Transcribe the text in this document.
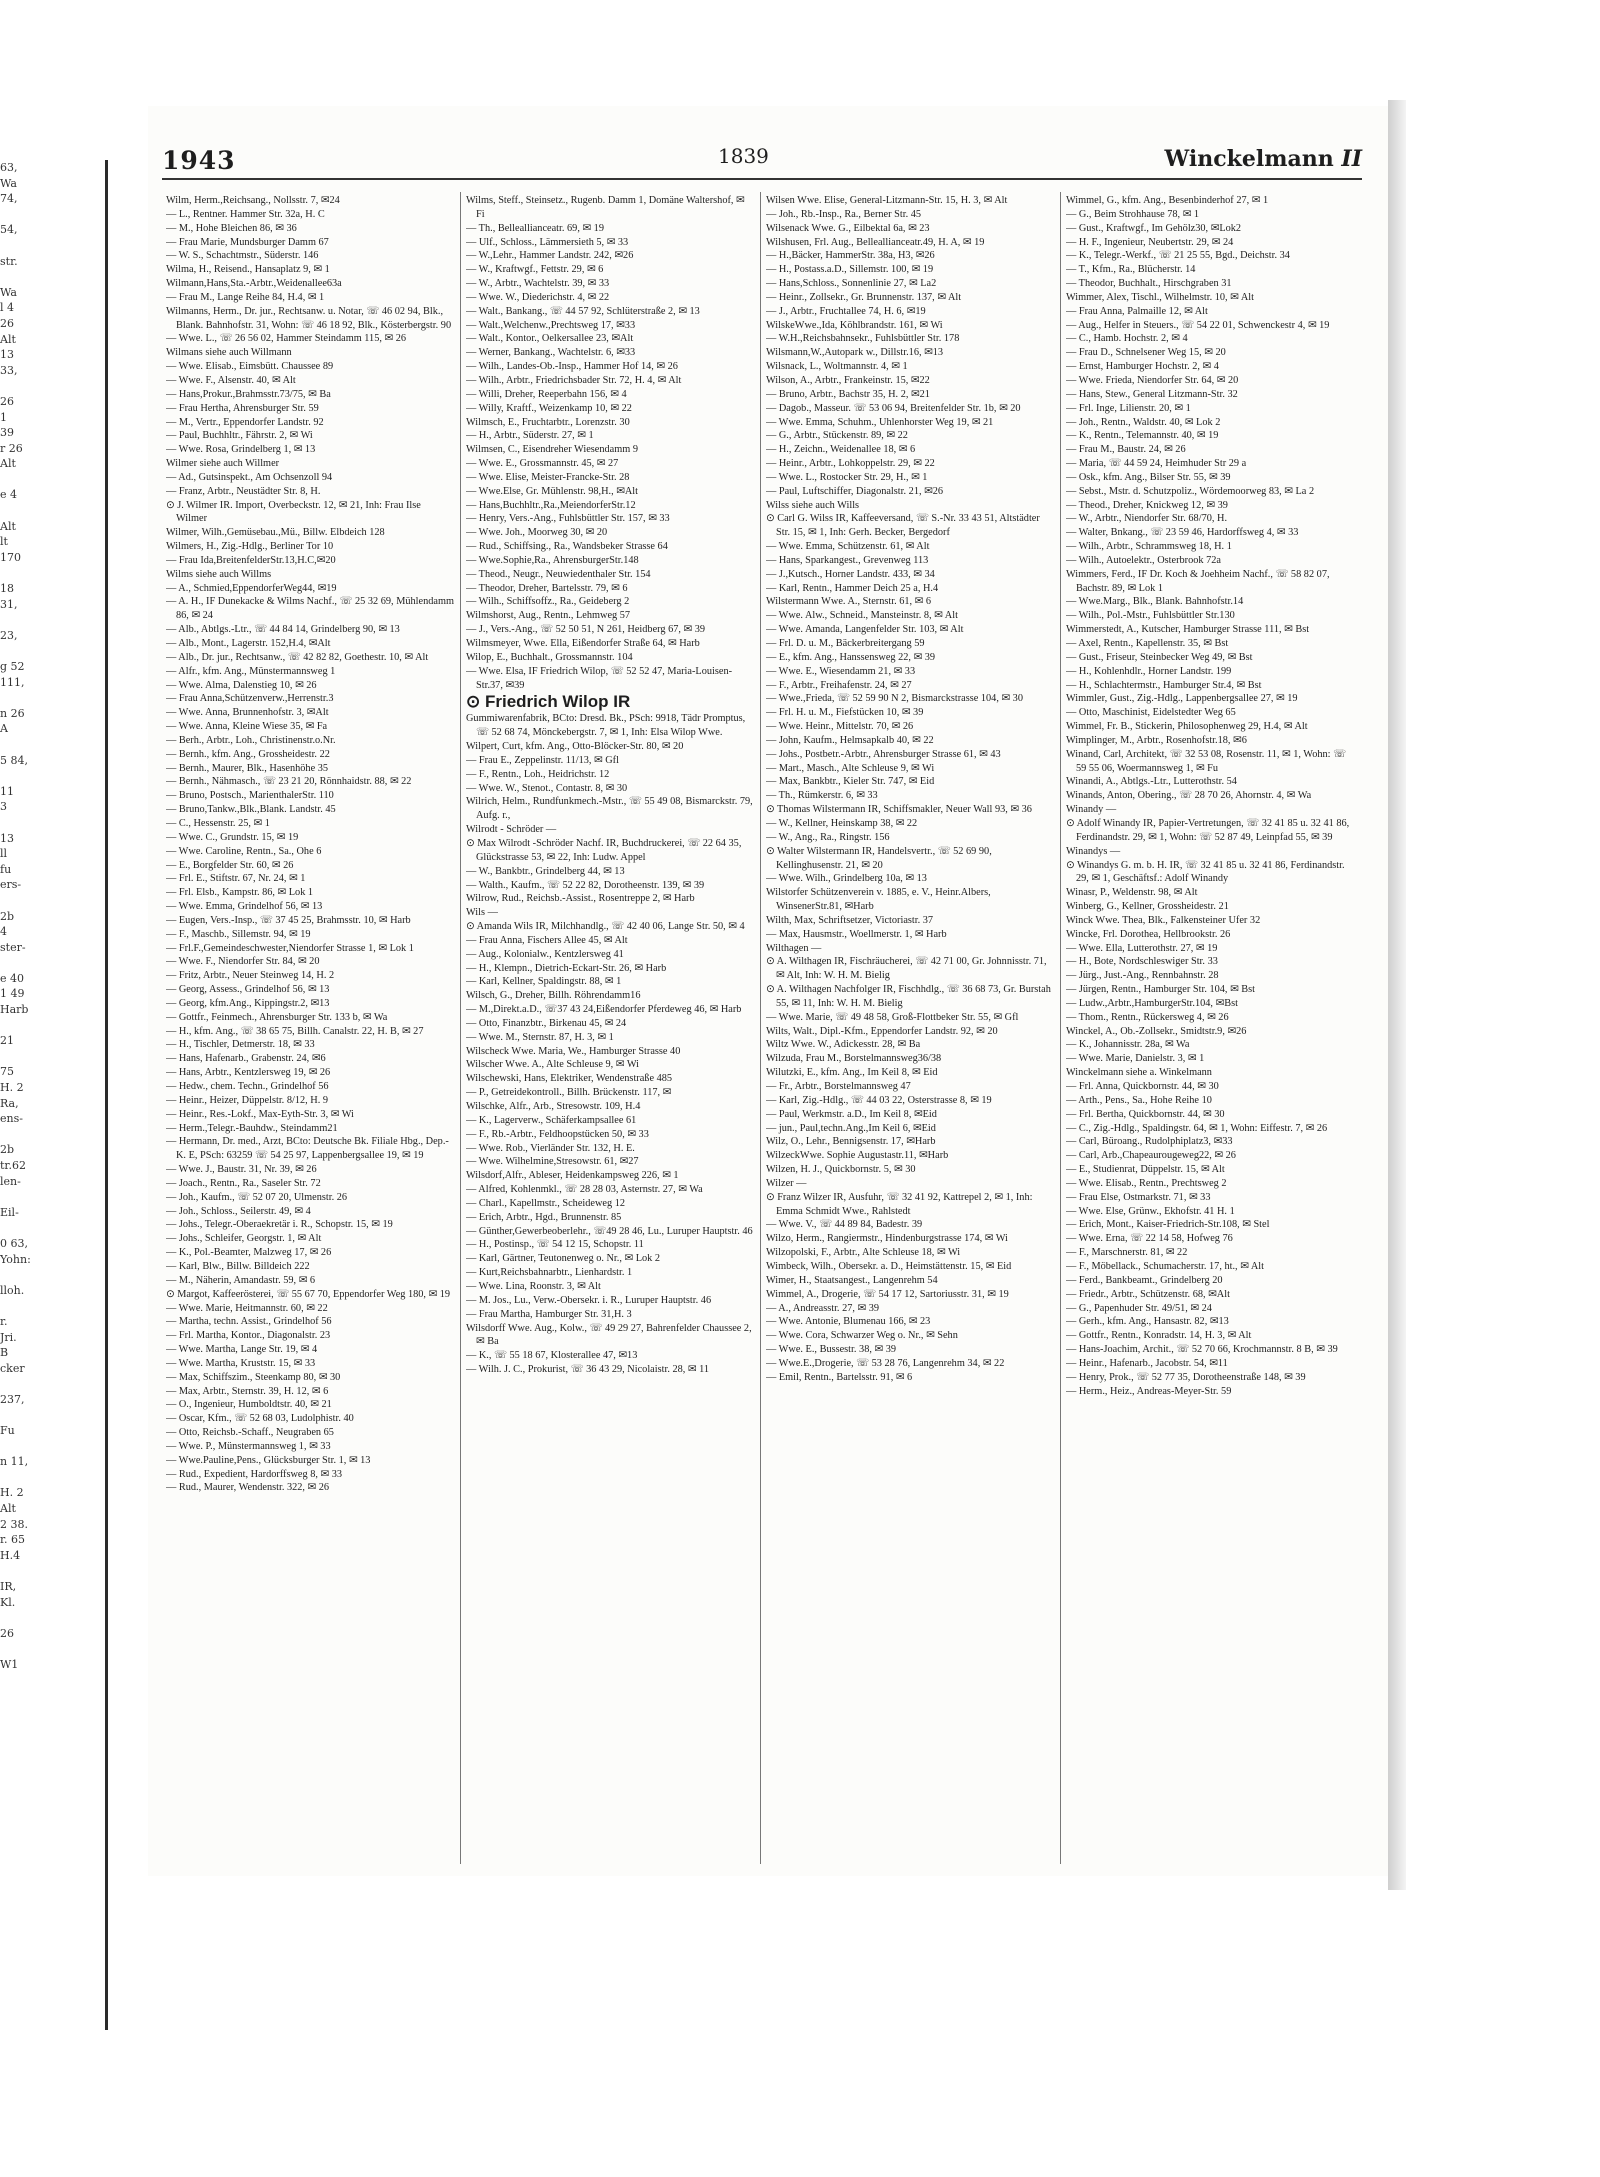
63,
Wa
74,

54,

str.

Wa
l 4
26
Alt
13
33,

26
1
39
r 26
Alt

e 4

Alt
lt
170

18
31,

23,

g 52
111,

n 26
A

5 84,

11
3

13
ll
fu
ers-

2b
4
ster-

e 40
1 49
Harb

21

75
H. 2
Ra,
ens-

2b
tr.62
len-

Eil-

0 63,
Yohn:

lloh.

r.
Jri.
B
cker

237,

Fu

n 11,

H. 2
Alt
2 38.
r. 65
H.4

IR,
Kl.

26

W1
1943	1839	Winckelmann II

Wilm, Herm.,Reichsang., Nollsstr. 7, ✉24

— L., Rentner. Hammer Str. 32a, H. C

— M., Hohe Bleichen 86, ✉ 36

— Frau Marie, Mundsburger Damm 67

— W. S., Schachtmstr., Süderstr. 146

Wilma, H., Reisend., Hansaplatz 9, ✉ 1

Wilmann,Hans,Sta.-Arbtr.,Weidenallee63a

— Frau M., Lange Reihe 84, H.4, ✉ 1

Wilmanns, Herm., Dr. jur., Rechtsanw. u. Notar, ☏ 46 02 94, Blk., Blank. Bahnhofstr. 31, Wohn: ☏ 46 18 92, Blk., Kösterbergstr. 90

— Wwe. L., ☏ 26 56 02, Hammer Steindamm 115, ✉ 26

Wilmans siehe auch Willmann

— Wwe. Elisab., Eimsbütt. Chaussee 89

— Wwe. F., Alsenstr. 40, ✉ Alt

— Hans,Prokur.,Brahmsstr.73/75, ✉ Ba

— Frau Hertha, Ahrensburger Str. 59

— M., Vertr., Eppendorfer Landstr. 92

— Paul, Buchhltr., Fährstr. 2, ✉ Wi

— Wwe. Rosa, Grindelberg 1, ✉ 13

Wilmer siehe auch Willmer

— Ad., Gutsinspekt., Am Ochsenzoll 94

— Franz, Arbtr., Neustädter Str. 8, H.

⊙ J. Wilmer IR. Import, Overbeckstr. 12, ✉ 21, Inh: Frau Ilse Wilmer

Wilmer, Wilh.,Gemüsebau.,Mü., Billw. Elbdeich 128

Wilmers, H., Zig.-Hdlg., Berliner Tor 10

— Frau Ida,BreitenfelderStr.13,H.C,✉20

Wilms siehe auch Willms

— A., Schmied,EppendorferWeg44, ✉19

— A. H., IF Dunekacke & Wilms Nachf., ☏ 25 32 69, Mühlendamm 86, ✉ 24

— Alb., Abtlgs.-Ltr., ☏ 44 84 14, Grindelberg 90, ✉ 13

— Alb., Mont., Lagerstr. 152,H.4, ✉Alt

— Alb., Dr. jur., Rechtsanw., ☏ 42 82 82, Goethestr. 10, ✉ Alt

— Alfr., kfm. Ang., Münstermannsweg 1

— Wwe. Alma, Dalenstieg 10, ✉ 26

— Frau Anna,Schützenverw.,Herrenstr.3

— Wwe. Anna, Brunnenhofstr. 3, ✉Alt

— Wwe. Anna, Kleine Wiese 35, ✉ Fa

— Berh., Arbtr., Loh., Christinenstr.o.Nr.

— Bernh., kfm. Ang., Grossheidestr. 22

— Bernh., Maurer, Blk., Hasenhöhe 35

— Bernh., Nähmasch., ☏ 23 21 20, Rönnhaidstr. 88, ✉ 22

— Bruno, Postsch., MarienthalerStr. 110

— Bruno,Tankw.,Blk.,Blank. Landstr. 45

— C., Hessenstr. 25, ✉ 1

— Wwe. C., Grundstr. 15, ✉ 19

— Wwe. Caroline, Rentn., Sa., Ohe 6

— E., Borgfelder Str. 60, ✉ 26

— Frl. E., Stiftstr. 67, Nr. 24, ✉ 1

— Frl. Elsb., Kampstr. 86, ✉ Lok 1

— Wwe. Emma, Grindelhof 56, ✉ 13

— Eugen, Vers.-Insp., ☏ 37 45 25, Brahmsstr. 10, ✉ Harb

— F., Maschb., Sillemstr. 94, ✉ 19

— Frl.F.,Gemeindeschwester,Niendorfer Strasse 1, ✉ Lok 1

— Wwe. F., Niendorfer Str. 84, ✉ 20

— Fritz, Arbtr., Neuer Steinweg 14, H. 2

— Georg, Assess., Grindelhof 56, ✉ 13

— Georg, kfm.Ang., Kippingstr.2, ✉13

— Gottfr., Feinmech., Ahrensburger Str. 133 b, ✉ Wa

— H., kfm. Ang., ☏ 38 65 75, Billh. Canalstr. 22, H. B, ✉ 27

— H., Tischler, Detmerstr. 18, ✉ 33

— Hans, Hafenarb., Grabenstr. 24, ✉6

— Hans, Arbtr., Kentzlersweg 19, ✉ 26

— Hedw., chem. Techn., Grindelhof 56

— Heinr., Heizer, Düppelstr. 8/12, H. 9

— Heinr., Res.-Lokf., Max-Eyth-Str. 3, ✉ Wi

— Herm.,Telegr.-Bauhdw., Steindamm21

— Hermann, Dr. med., Arzt, BCto: Deutsche Bk. Filiale Hbg., Dep.-K. E, PSch: 63259 ☏ 54 25 97, Lappenbergsallee 19, ✉ 19

— Wwe. J., Baustr. 31, Nr. 39, ✉ 26

— Joach., Rentn., Ra., Saseler Str. 72

— Joh., Kaufm., ☏ 52 07 20, Ulmenstr. 26

— Joh., Schloss., Seilerstr. 49, ✉ 4

— Johs., Telegr.-Oberaekretär i. R., Schopstr. 15, ✉ 19

— Johs., Schleifer, Georgstr. 1, ✉ Alt

— K., Pol.-Beamter, Malzweg 17, ✉ 26

— Karl, Blw., Billw. Billdeich 222

— M., Näherin, Amandastr. 59, ✉ 6

⊙ Margot, Kaffeerösterei, ☏ 55 67 70, Eppendorfer Weg 180, ✉ 19

— Wwe. Marie, Heitmannstr. 60, ✉ 22

— Martha, techn. Assist., Grindelhof 56

— Frl. Martha, Kontor., Diagonalstr. 23

— Wwe. Martha, Lange Str. 19, ✉ 4

— Wwe. Martha, Kruststr. 15, ✉ 33

— Max, Schiffszim., Steenkamp 80, ✉ 30

— Max, Arbtr., Sternstr. 39, H. 12, ✉ 6

— O., Ingenieur, Humboldtstr. 40, ✉ 21

— Oscar, Kfm., ☏ 52 68 03, Ludolphistr. 40

— Otto, Reichsb.-Schaff., Neugraben 65

— Wwe. P., Münstermannsweg 1, ✉ 33

— Wwe.Pauline,Pens., Glücksburger Str. 1, ✉ 13

— Rud., Expedient, Hardorffsweg 8, ✉ 33

— Rud., Maurer, Wendenstr. 322, ✉ 26

Wilms, Steff., Steinsetz., Rugenb. Damm 1, Domäne Waltershof, ✉ Fi

— Th., Belleallianceatr. 69, ✉ 19

— Ulf., Schloss., Lämmersieth 5, ✉ 33

— W.,Lehr., Hammer Landstr. 242, ✉26

— W., Kraftwgf., Fettstr. 29, ✉ 6

— W., Arbtr., Wachtelstr. 39, ✉ 33

— Wwe. W., Diederichstr. 4, ✉ 22

— Walt., Bankang., ☏ 44 57 92, Schlüterstraße 2, ✉ 13

— Walt.,Welchenw.,Prechtsweg 17, ✉33

— Walt., Kontor., Oelkersallee 23, ✉Alt

— Werner, Bankang., Wachtelstr. 6, ✉33

— Wilh., Landes-Ob.-Insp., Hammer Hof 14, ✉ 26

— Wilh., Arbtr., Friedrichsbader Str. 72, H. 4, ✉ Alt

— Willi, Dreher, Reeperbahn 156, ✉ 4

— Willy, Kraftf., Weizenkamp 10, ✉ 22

Wilmsch, E., Fruchtarbtr., Lorenzstr. 30

— H., Arbtr., Süderstr. 27, ✉ 1

Wilmsen, C., Eisendreher Wiesendamm 9

— Wwe. E., Grossmannstr. 45, ✉ 27

— Wwe. Elise, Meister-Francke-Str. 28

— Wwe.Else, Gr. Mühlenstr. 98,H., ✉Alt

— Hans,Buchhltr.,Ra.,MeiendorferStr.12

— Henry, Vers.-Ang., Fuhlsbüttler Str. 157, ✉ 33

— Wwe. Joh., Moorweg 30, ✉ 20

— Rud., Schiffsing., Ra., Wandsbeker Strasse 64

— Wwe.Sophie,Ra., AhrensburgerStr.148

— Theod., Neugr., Neuwiedenthaler Str. 154

— Theodor, Dreher, Bartelsstr. 79, ✉ 6

— Wilh., Schiffsoffz., Ra., Geideberg 2

Wilmshorst, Aug., Rentn., Lehmweg 57

— J., Vers.-Ang., ☏ 52 50 51, N 261, Heidberg 67, ✉ 39

Wilmsmeyer, Wwe. Ella, Eißendorfer Straße 64, ✉ Harb

Wilop, E., Buchhalt., Grossmannstr. 104

— Wwe. Elsa, IF Friedrich Wilop, ☏ 52 52 47, Maria-Louisen-Str.37, ✉39

⊙ Friedrich Wilop IR

Gummiwarenfabrik, BCto: Dresd. Bk., PSch: 9918, Tädr Promptus, ☏ 52 68 74, Mönckebergstr. 7, ✉ 1, Inh: Elsa Wilop Wwe.

Wilpert, Curt, kfm. Ang., Otto-Blöcker-Str. 80, ✉ 20

— Frau E., Zeppelinstr. 11/13, ✉ Gfl

— F., Rentn., Loh., Heidrichstr. 12

— Wwe. W., Stenot., Contastr. 8, ✉ 30

Wilrich, Helm., Rundfunkmech.-Mstr., ☏ 55 49 08, Bismarckstr. 79, Aufg. r.,

Wilrodt - Schröder —

⊙ Max Wilrodt -Schröder Nachf. IR, Buchdruckerei, ☏ 22 64 35, Glückstrasse 53, ✉ 22, Inh: Ludw. Appel

— W., Bankbtr., Grindelberg 44, ✉ 13

— Walth., Kaufm., ☏ 52 22 82, Dorotheenstr. 139, ✉ 39

Wilrow, Rud., Reichsb.-Assist., Rosentreppe 2, ✉ Harb

Wils —

⊙ Amanda Wils IR, Milchhandlg., ☏ 42 40 06, Lange Str. 50, ✉ 4

— Frau Anna, Fischers Allee 45, ✉ Alt

— Aug., Kolonialw., Kentzlersweg 41

— H., Klempn., Dietrich-Eckart-Str. 26, ✉ Harb

— Karl, Kellner, Spaldingstr. 88, ✉ 1

Wilsch, G., Dreher, Billh. Röhrendamm16

— M.,Direkt.a.D., ☏37 43 24,Eißendorfer Pferdeweg 46, ✉ Harb

— Otto, Finanzbtr., Birkenau 45, ✉ 24

— Wwe. M., Sternstr. 87, H. 3, ✉ 1

Wilscheck Wwe. Maria, We., Hamburger Strasse 40

Wilscher Wwe. A., Alte Schleuse 9, ✉ Wi

Wilschewski, Hans, Elektriker, Wendenstraße 485

— P., Getreidekontroll., Billh. Brückenstr. 117, ✉

Wilschke, Alfr., Arb., Stresowstr. 109, H.4

— K., Lagerverw., Schäferkampsallee 61

— F., Rb.-Arbtr., Feldhoopstücken 50, ✉ 33

— Wwe. Rob., Vierländer Str. 132, H. E.

— Wwe. Wilhelmine,Stresowstr. 61, ✉27

Wilsdorf,Alfr., Ableser, Heidenkampsweg 226, ✉ 1

— Alfred, Kohlenmkl., ☏ 28 28 03, Asternstr. 27, ✉ Wa

— Charl., Kapellmstr., Scheideweg 12

— Erich, Arbtr., Hgd., Brunnenstr. 85

— Günther,Gewerbeoberlehr., ☏49 28 46, Lu., Luruper Hauptstr. 46

— H., Postinsp., ☏ 54 12 15, Schopstr. 11

— Karl, Gärtner, Teutonenweg o. Nr., ✉ Lok 2

— Kurt,Reichsbahnarbtr., Lienhardstr. 1

— Wwe. Lina, Roonstr. 3, ✉ Alt

— M. Jos., Lu., Verw.-Obersekr. i. R., Luruper Hauptstr. 46

— Frau Martha, Hamburger Str. 31,H. 3

Wilsdorff Wwe. Aug., Kolw., ☏ 49 29 27, Bahrenfelder Chaussee 2, ✉ Ba

— K., ☏ 55 18 67, Klosterallee 47, ✉13

— Wilh. J. C., Prokurist, ☏ 36 43 29, Nicolaistr. 28, ✉ 11

Wilsen Wwe. Elise, General-Litzmann-Str. 15, H. 3, ✉ Alt

— Joh., Rb.-Insp., Ra., Berner Str. 45

Wilsenack Wwe. G., Eilbektal 6a, ✉ 23

Wilshusen, Frl. Aug., Belleallianceatr.49, H. A, ✉ 19

— H.,Bäcker, HammerStr. 38a, H3, ✉26

— H., Postass.a.D., Sillemstr. 100, ✉ 19

— Hans,Schloss., Sonnenlinie 27, ✉ La2

— Heinr., Zollsekr., Gr. Brunnenstr. 137, ✉ Alt

— J., Arbtr., Fruchtallee 74, H. 6, ✉19

WilskeWwe.,Ida, Köhlbrandstr. 161, ✉ Wi

— W.H.,Reichsbahnsekr., Fuhlsbüttler Str. 178

Wilsmann,W.,Autopark w., Dillstr.16, ✉13

Wilsnack, L., Woltmannstr. 4, ✉ 1

Wilson, A., Arbtr., Frankeinstr. 15, ✉22

— Bruno, Arbtr., Bachstr 35, H. 2, ✉21

— Dagob., Masseur. ☏ 53 06 94, Breitenfelder Str. 1b, ✉ 20

— Wwe. Emma, Schuhm., Uhlenhorster Weg 19, ✉ 21

— G., Arbtr., Stückenstr. 89, ✉ 22

— H., Zeichn., Weidenallee 18, ✉ 6

— Heinr., Arbtr., Lohkoppelstr. 29, ✉ 22

— Wwe. L., Rostocker Str. 29, H., ✉ 1

— Paul, Luftschiffer, Diagonalstr. 21, ✉26

Wilss siehe auch Wills

⊙ Carl G. Wilss IR, Kaffeeversand, ☏ S.-Nr. 33 43 51, Altstädter Str. 15, ✉ 1, Inh: Gerh. Becker, Bergedorf

— Wwe. Emma, Schützenstr. 61, ✉ Alt

— Hans, Sparkangest., Grevenweg 113

— J.,Kutsch., Horner Landstr. 433, ✉ 34

— Karl, Rentn., Hammer Deich 25 a, H.4

Wilstermann Wwe. A., Sternstr. 61, ✉ 6

— Wwe. Alw., Schneid., Mansteinstr. 8, ✉ Alt

— Wwe. Amanda, Langenfelder Str. 103, ✉ Alt

— Frl. D. u. M., Bäckerbreitergang 59

— E., kfm. Ang., Hanssensweg 22, ✉ 39

— Wwe. E., Wiesendamm 21, ✉ 33

— F., Arbtr., Freihafenstr. 24, ✉ 27

— Wwe.,Frieda, ☏ 52 59 90 N 2, Bismarckstrasse 104, ✉ 30

— Frl. H. u. M., Fiefstücken 10, ✉ 39

— Wwe. Heinr., Mittelstr. 70, ✉ 26

— John, Kaufm., Helmsapkalb 40, ✉ 22

— Johs., Postbetr.-Arbtr., Ahrensburger Strasse 61, ✉ 43

— Mart., Masch., Alte Schleuse 9, ✉ Wi

— Max, Bankbtr., Kieler Str. 747, ✉ Eid

— Th., Rümkerstr. 6, ✉ 33

⊙ Thomas Wilstermann IR, Schiffsmakler, Neuer Wall 93, ✉ 36

— W., Kellner, Heinskamp 38, ✉ 22

— W., Ang., Ra., Ringstr. 156

⊙ Walter Wilstermann IR, Handelsvertr., ☏ 52 69 90, Kellinghusenstr. 21, ✉ 20

— Wwe. Wilh., Grindelberg 10a, ✉ 13

Wilstorfer Schützenverein v. 1885, e. V., Heinr.Albers, WinsenerStr.81, ✉Harb

Wilth, Max, Schriftsetzer, Victoriastr. 37

— Max, Hausmstr., Woellmerstr. 1, ✉ Harb

Wilthagen —

⊙ A. Wilthagen IR, Fischräucherei, ☏ 42 71 00, Gr. Johnnisstr. 71, ✉ Alt, Inh: W. H. M. Bielig

⊙ A. Wilthagen Nachfolger IR, Fischhdlg., ☏ 36 68 73, Gr. Burstah 55, ✉ 11, Inh: W. H. M. Bielig

— Wwe. Marie, ☏ 49 48 58, Groß-Flottbeker Str. 55, ✉ Gfl

Wilts, Walt., Dipl.-Kfm., Eppendorfer Landstr. 92, ✉ 20

Wiltz Wwe. W., Adickesstr. 28, ✉ Ba

Wilzuda, Frau M., Borstelmannsweg36/38

Wilutzki, E., kfm. Ang., Im Keil 8, ✉ Eid

— Fr., Arbtr., Borstelmannsweg 47

— Karl, Zig.-Hdlg., ☏ 44 03 22, Osterstrasse 8, ✉ 19

— Paul, Werkmstr. a.D., Im Keil 8, ✉Eid

— jun., Paul,techn.Ang.,Im Keil 6, ✉Eid

Wilz, O., Lehr., Bennigsenstr. 17, ✉Harb

WilzeckWwe. Sophie Augustastr.11, ✉Harb

Wilzen, H. J., Quickbornstr. 5, ✉ 30

Wilzer —

⊙ Franz Wilzer IR, Ausfuhr, ☏ 32 41 92, Kattrepel 2, ✉ 1, Inh: Emma Schmidt Wwe., Rahlstedt

— Wwe. V., ☏ 44 89 84, Badestr. 39

Wilzo, Herm., Rangiermstr., Hindenburgstrasse 174, ✉ Wi

Wilzopolski, F., Arbtr., Alte Schleuse 18, ✉ Wi

Wimbeck, Wilh., Obersekr. a. D., Heimstättenstr. 15, ✉ Eid

Wimer, H., Staatsangest., Langenrehm 54

Wimmel, A., Drogerie, ☏ 54 17 12, Sartoriusstr. 31, ✉ 19

— A., Andreasstr. 27, ✉ 39

— Wwe. Antonie, Blumenau 166, ✉ 23

— Wwe. Cora, Schwarzer Weg o. Nr., ✉ Sehn

— Wwe. E., Bussestr. 38, ✉ 39

— Wwe.E.,Drogerie, ☏ 53 28 76, Langenrehm 34, ✉ 22

— Emil, Rentn., Bartelsstr. 91, ✉ 6

Wimmel, G., kfm. Ang., Besenbinderhof 27, ✉ 1

— G., Beim Strohhause 78, ✉ 1

— Gust., Kraftwgf., Im Gehölz30, ✉Lok2

— H. F., Ingenieur, Neubertstr. 29, ✉ 24

— K., Telegr.-Werkf., ☏ 21 25 55, Bgd., Deichstr. 34

— T., Kfm., Ra., Blücherstr. 14

— Theodor, Buchhalt., Hirschgraben 31

Wimmer, Alex, Tischl., Wilhelmstr. 10, ✉ Alt

— Frau Anna, Palmaille 12, ✉ Alt

— Aug., Helfer in Steuers., ☏ 54 22 01, Schwenckestr 4, ✉ 19

— C., Hamb. Hochstr. 2, ✉ 4

— Frau D., Schnelsener Weg 15, ✉ 20

— Ernst, Hamburger Hochstr. 2, ✉ 4

— Wwe. Frieda, Niendorfer Str. 64, ✉ 20

— Hans, Stew., General Litzmann-Str. 32

— Frl. Inge, Lilienstr. 20, ✉ 1

— Joh., Rentn., Waldstr. 40, ✉ Lok 2

— K., Rentn., Telemannstr. 40, ✉ 19

— Frau M., Baustr. 24, ✉ 26

— Maria, ☏ 44 59 24, Heimhuder Str 29 a

— Osk., kfm. Ang., Bilser Str. 55, ✉ 39

— Sebst., Mstr. d. Schutzpoliz., Wördemoorweg 83, ✉ La 2

— Theod., Dreher, Knickweg 12, ✉ 39

— W., Arbtr., Niendorfer Str. 68/70, H.

— Walter, Bnkang., ☏ 23 59 46, Hardorffsweg 4, ✉ 33

— Wilh., Arbtr., Schrammsweg 18, H. 1

— Wilh., Autoelektr., Osterbrook 72a

Wimmers, Ferd., IF Dr. Koch & Joehheim Nachf., ☏ 58 82 07, Bachstr. 89, ✉ Lok 1

— Wwe.Marg., Blk., Blank. Bahnhofstr.14

— Wilh., Pol.-Mstr., Fuhlsbüttler Str.130

Wimmerstedt, A., Kutscher, Hamburger Strasse 111, ✉ Bst

— Axel, Rentn., Kapellenstr. 35, ✉ Bst

— Gust., Friseur, Steinbecker Weg 49, ✉ Bst

— H., Kohlenhdlr., Horner Landstr. 199

— H., Schlachtermstr., Hamburger Str.4, ✉ Bst

Wimmler, Gust., Zig.-Hdlg., Lappenbergsallee 27, ✉ 19

— Otto, Maschinist, Eidelstedter Weg 65

Wimmel, Fr. B., Stickerin, Philosophenweg 29, H.4, ✉ Alt

Wimplinger, M., Arbtr., Rosenhofstr.18, ✉6

Winand, Carl, Architekt, ☏ 32 53 08, Rosenstr. 11, ✉ 1, Wohn: ☏ 59 55 06, Woermannsweg 1, ✉ Fu

Winandi, A., Abtlgs.-Ltr., Lutterothstr. 54

Winands, Anton, Obering., ☏ 28 70 26, Ahornstr. 4, ✉ Wa

Winandy —

⊙ Adolf Winandy IR, Papier-Vertretungen, ☏ 32 41 85 u. 32 41 86, Ferdinandstr. 29, ✉ 1, Wohn: ☏ 52 87 49, Leinpfad 55, ✉ 39

Winandys —

⊙ Winandys G. m. b. H. IR, ☏ 32 41 85 u. 32 41 86, Ferdinandstr. 29, ✉ 1, Geschäftsf.: Adolf Winandy

Winasr, P., Weldenstr. 98, ✉ Alt

Winberg, G., Kellner, Grossheidestr. 21

Winck Wwe. Thea, Blk., Falkensteiner Ufer 32

Wincke, Frl. Dorothea, Hellbrookstr. 26

— Wwe. Ella, Lutterothstr. 27, ✉ 19

— H., Bote, Nordschleswiger Str. 33

— Jürg., Just.-Ang., Rennbahnstr. 28

— Jürgen, Rentn., Hamburger Str. 104, ✉ Bst

— Ludw.,Arbtr.,HamburgerStr.104, ✉Bst

— Thom., Rentn., Rückersweg 4, ✉ 26

Winckel, A., Ob.-Zollsekr., Smidtstr.9, ✉26

— K., Johannisstr. 28a, ✉ Wa

— Wwe. Marie, Danielstr. 3, ✉ 1

Winckelmann siehe a. Winkelmann

— Frl. Anna, Quickbornstr. 44, ✉ 30

— Arth., Pens., Sa., Hohe Reihe 10

— Frl. Bertha, Quickbornstr. 44, ✉ 30

— C., Zig.-Hdlg., Spaldingstr. 64, ✉ 1, Wohn: Eiffestr. 7, ✉ 26

— Carl, Büroang., Rudolphiplatz3, ✉33

— Carl, Arb.,Chapeaurougeweg22, ✉ 26

— E., Studienrat, Düppelstr. 15, ✉ Alt

— Wwe. Elisab., Rentn., Prechtsweg 2

— Frau Else, Ostmarkstr. 71, ✉ 33

— Wwe. Else, Grünw., Ekhofstr. 41 H. 1

— Erich, Mont., Kaiser-Friedrich-Str.108, ✉ Stel

— Wwe. Erna, ☏ 22 14 58, Hofweg 76

— F., Marschnerstr. 81, ✉ 22

— F., Möbellack., Schumacherstr. 17, ht., ✉ Alt

— Ferd., Bankbeamt., Grindelberg 20

— Friedr., Arbtr., Schützenstr. 68, ✉Alt

— G., Papenhuder Str. 49/51, ✉ 24

— Gerh., kfm. Ang., Hansastr. 82, ✉13

— Gottfr., Rentn., Konradstr. 14, H. 3, ✉ Alt

— Hans-Joachim, Archit., ☏ 52 70 66, Krochmannstr. 8 B, ✉ 39

— Heinr., Hafenarb., Jacobstr. 54, ✉11

— Henry, Prok., ☏ 52 77 35, Dorotheenstraße 148, ✉ 39

— Herm., Heiz., Andreas-Meyer-Str. 59
